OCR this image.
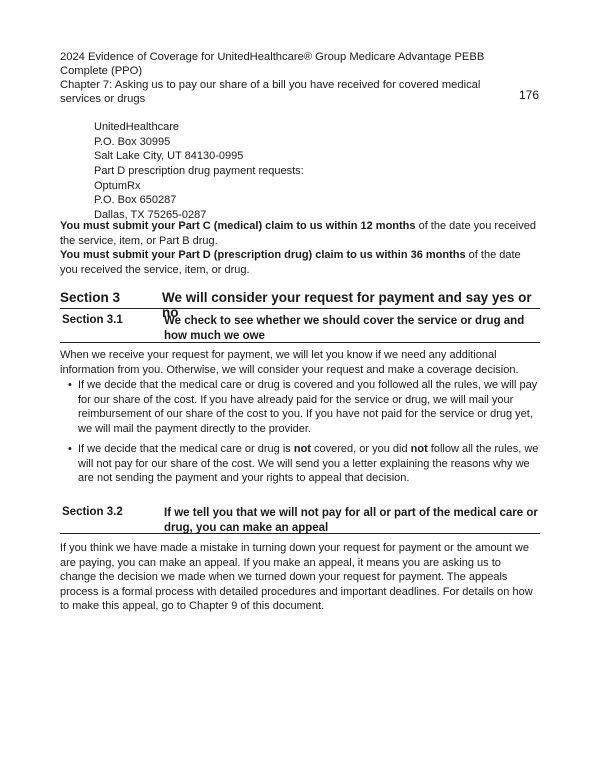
2024 Evidence of Coverage for UnitedHealthcare® Group Medicare Advantage PEBB Complete (PPO)
Chapter 7: Asking us to pay our share of a bill you have received for covered medical services or drugs	176
UnitedHealthcare
P.O. Box 30995
Salt Lake City, UT 84130-0995
Part D prescription drug payment requests:
OptumRx
P.O. Box 650287
Dallas, TX 75265-0287
You must submit your Part C (medical) claim to us within 12 months of the date you received the service, item, or Part B drug.
You must submit your Part D (prescription drug) claim to us within 36 months of the date you received the service, item, or drug.
Section 3	We will consider your request for payment and say yes or no
Section 3.1	We check to see whether we should cover the service or drug and how much we owe
When we receive your request for payment, we will let you know if we need any additional information from you. Otherwise, we will consider your request and make a coverage decision.
• If we decide that the medical care or drug is covered and you followed all the rules, we will pay for our share of the cost. If you have already paid for the service or drug, we will mail your reimbursement of our share of the cost to you. If you have not paid for the service or drug yet, we will mail the payment directly to the provider.
• If we decide that the medical care or drug is not covered, or you did not follow all the rules, we will not pay for our share of the cost. We will send you a letter explaining the reasons why we are not sending the payment and your rights to appeal that decision.
Section 3.2	If we tell you that we will not pay for all or part of the medical care or drug, you can make an appeal
If you think we have made a mistake in turning down your request for payment or the amount we are paying, you can make an appeal. If you make an appeal, it means you are asking us to change the decision we made when we turned down your request for payment. The appeals process is a formal process with detailed procedures and important deadlines. For details on how to make this appeal, go to Chapter 9 of this document.
